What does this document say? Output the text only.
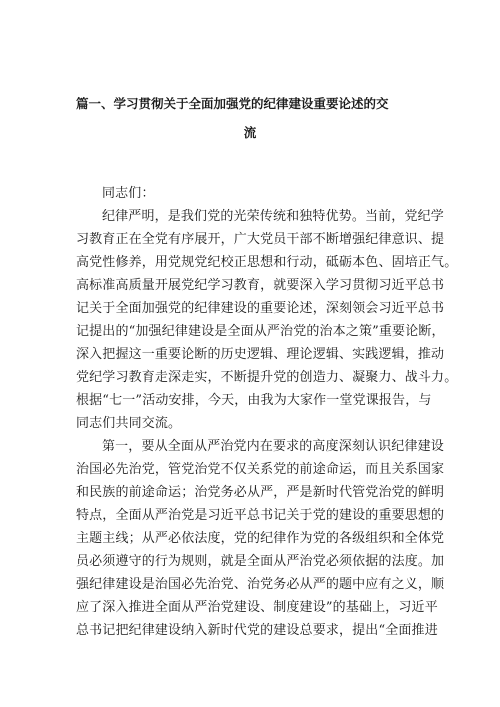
篇一、学习贯彻关于全面加强党的纪律建设重要论述的交
流
同志们：
纪律严明，是我们党的光荣传统和独特优势。当前，党纪学
习教育正在全党有序展开，广大党员干部不断增强纪律意识、提
高党性修养，用党规党纪校正思想和行动，砥砺本色、固培正气。
高标准高质量开展党纪学习教育，就要深入学习贯彻习近平总书
记关于全面加强党的纪律建设的重要论述，深刻领会习近平总书
记提出的“加强纪律建设是全面从严治党的治本之策”重要论断，
深入把握这一重要论断的历史逻辑、理论逻辑、实践逻辑，推动
党纪学习教育走深走实，不断提升党的创造力、凝聚力、战斗力。
根据“七一”活动安排，今天，由我为大家作一堂党课报告，与
同志们共同交流。
第一，要从全面从严治党内在要求的高度深刻认识纪律建设
治国必先治党，管党治党不仅关系党的前途命运，而且关系国家
和民族的前途命运；治党务必从严，严是新时代管党治党的鲜明
特点，全面从严治党是习近平总书记关于党的建设的重要思想的
主题主线；从严必依法度，党的纪律作为党的各级组织和全体党
员必须遵守的行为规则，就是全面从严治党必须依据的法度。加
强纪律建设是治国必先治党、治党务必从严的题中应有之义，顺
应了深入推进全面从严治党建设、制度建设”的基础上，习近平
总书记把纪律建设纳入新时代党的建设总要求，提出“全面推进
